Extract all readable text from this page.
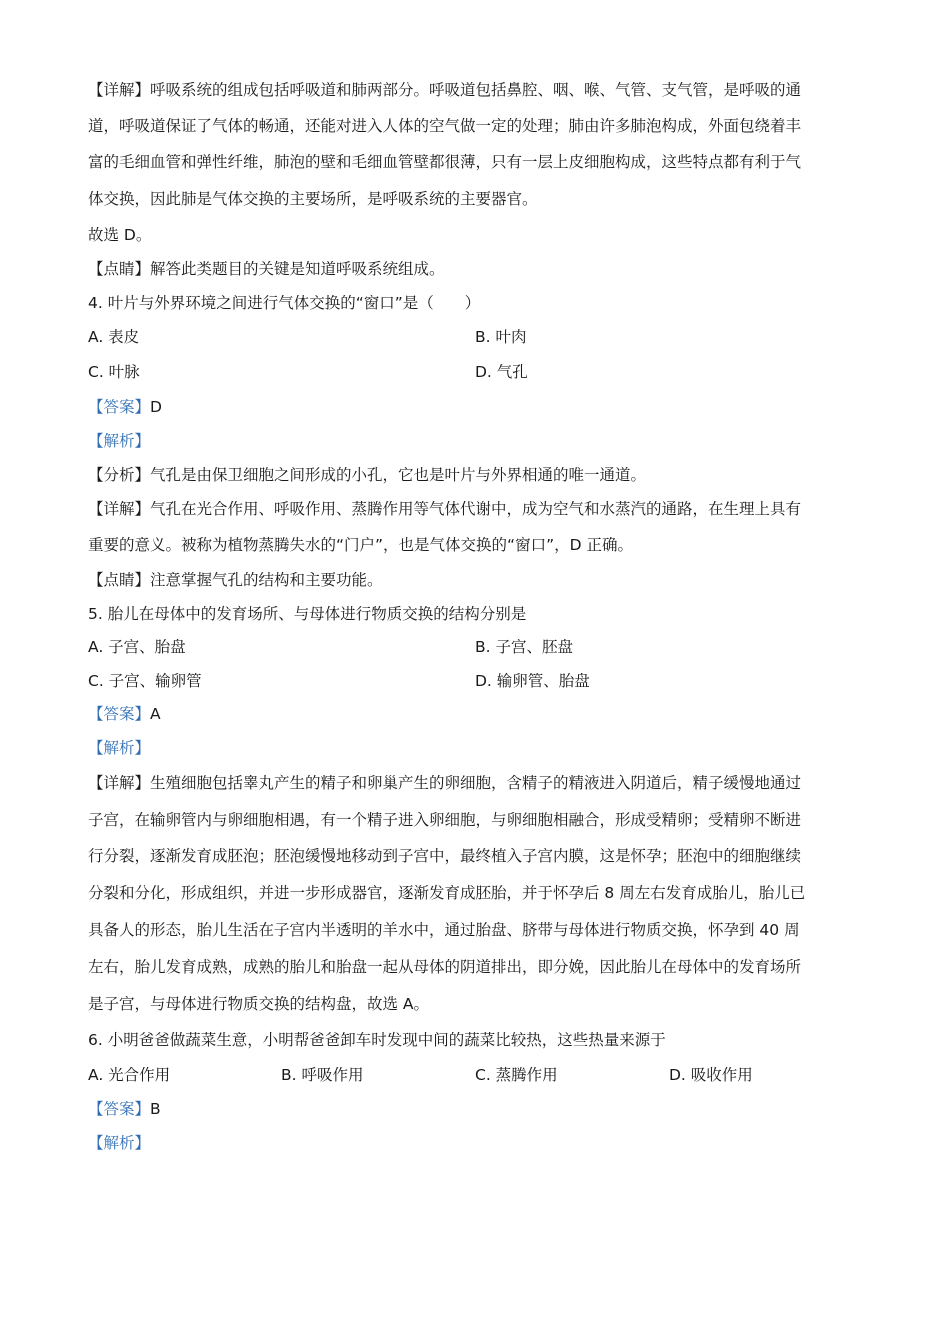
【详解】呼吸系统的组成包括呼吸道和肺两部分。呼吸道包括鼻腔、咽、喉、气管、支气管，是呼吸的通
道，呼吸道保证了气体的畅通，还能对进入人体的空气做一定的处理；肺由许多肺泡构成，外面包绕着丰
富的毛细血管和弹性纤维，肺泡的壁和毛细血管壁都很薄，只有一层上皮细胞构成，这些特点都有利于气
体交换，因此肺是气体交换的主要场所，是呼吸系统的主要器官。
故选 D。
【点睛】解答此类题目的关键是知道呼吸系统组成。
4. 叶片与外界环境之间进行气体交换的“窗口”是（　　）
A. 表皮	B. 叶肉
C. 叶脉	D. 气孔
【答案】D
【解析】
【分析】气孔是由保卫细胞之间形成的小孔，它也是叶片与外界相通的唯一通道。
【详解】气孔在光合作用、呼吸作用、蒸腾作用等气体代谢中，成为空气和水蒸汽的通路，在生理上具有
重要的意义。被称为植物蒸腾失水的“门户”，也是气体交换的“窗口”，D 正确。
【点睛】注意掌握气孔的结构和主要功能。
5. 胎儿在母体中的发育场所、与母体进行物质交换的结构分别是
A. 子宫、胎盘	B. 子宫、胚盘
C. 子宫、输卵管	D. 输卵管、胎盘
【答案】A
【解析】
【详解】生殖细胞包括睾丸产生的精子和卵巢产生的卵细胞，含精子的精液进入阴道后，精子缓慢地通过
子宫，在输卵管内与卵细胞相遇，有一个精子进入卵细胞，与卵细胞相融合，形成受精卵；受精卵不断进
行分裂，逐渐发育成胚泡；胚泡缓慢地移动到子宫中，最终植入子宫内膜，这是怀孕；胚泡中的细胞继续
分裂和分化，形成组织，并进一步形成器官，逐渐发育成胚胎，并于怀孕后 8 周左右发育成胎儿，胎儿已
具备人的形态，胎儿生活在子宫内半透明的羊水中，通过胎盘、脐带与母体进行物质交换，怀孕到 40 周
左右，胎儿发育成熟，成熟的胎儿和胎盘一起从母体的阴道排出，即分娩，因此胎儿在母体中的发育场所
是子宫，与母体进行物质交换的结构盘，故选 A。
6. 小明爸爸做蔬菜生意，小明帮爸爸卸车时发现中间的蔬菜比较热，这些热量来源于
A. 光合作用	B. 呼吸作用	C. 蒸腾作用	D. 吸收作用
【答案】B
【解析】
